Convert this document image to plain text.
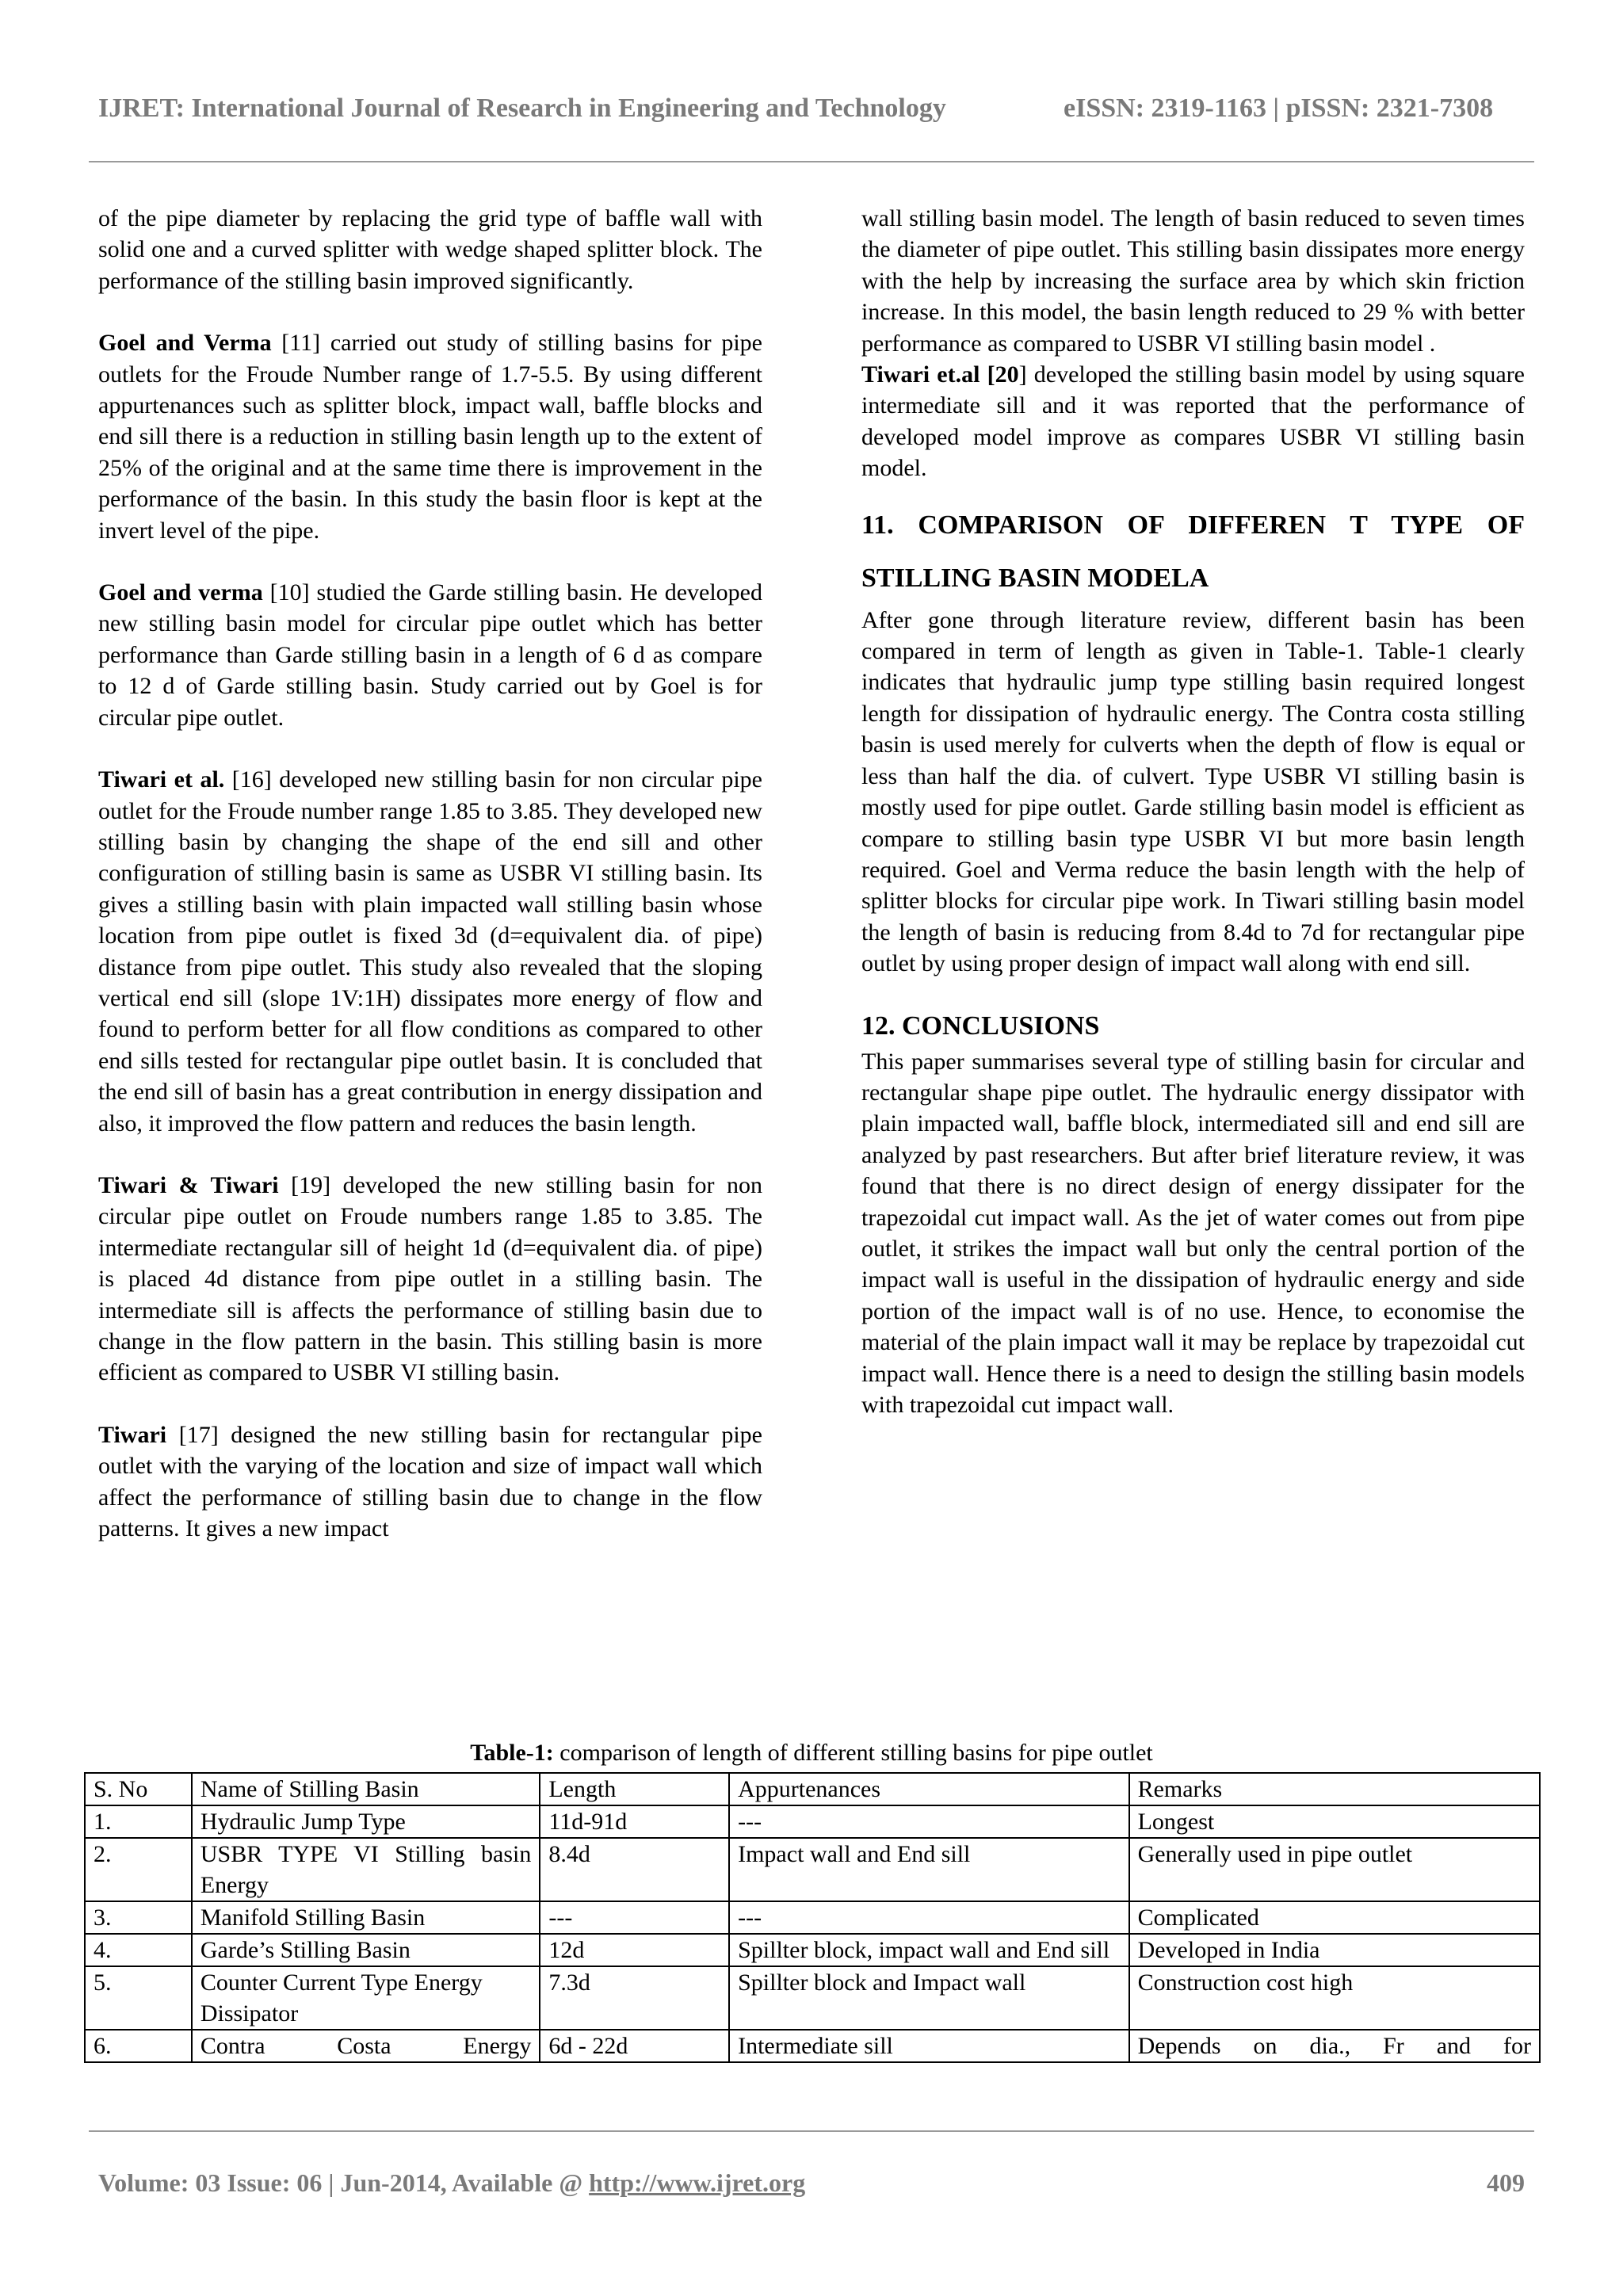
IJRET: International Journal of Research in Engineering and Technology	eISSN: 2319-1163 | pISSN: 2321-7308

of the pipe diameter by replacing the grid type of baffle wall with solid one and a curved splitter with wedge shaped splitter block. The performance of the stilling basin improved significantly.

Goel and Verma [11] carried out study of stilling basins for pipe outlets for the Froude Number range of 1.7-5.5. By using different appurtenances such as splitter block, impact wall, baffle blocks and end sill there is a reduction in stilling basin length up to the extent of 25% of the original and at the same time there is improvement in the performance of the basin. In this study the basin floor is kept at the invert level of the pipe.

Goel and verma [10] studied the Garde stilling basin. He developed new stilling basin model for circular pipe outlet which has better performance than Garde stilling basin in a length of 6 d as compare to 12 d of Garde stilling basin. Study carried out by Goel is for circular pipe outlet.

Tiwari et al. [16] developed new stilling basin for non circular pipe outlet for the Froude number range 1.85 to 3.85. They developed new stilling basin by changing the shape of the end sill and other configuration of stilling basin is same as USBR VI stilling basin. Its gives a stilling basin with plain impacted wall stilling basin whose location from pipe outlet is fixed 3d (d=equivalent dia. of pipe) distance from pipe outlet. This study also revealed that the sloping vertical end sill (slope 1V:1H) dissipates more energy of flow and found to perform better for all flow conditions as compared to other end sills tested for rectangular pipe outlet basin. It is concluded that the end sill of basin has a great contribution in energy dissipation and also, it improved the flow pattern and reduces the basin length.

Tiwari & Tiwari [19] developed the new stilling basin for non circular pipe outlet on Froude numbers range 1.85 to 3.85. The intermediate rectangular sill of height 1d (d=equivalent dia. of pipe) is placed 4d distance from pipe outlet in a stilling basin. The intermediate sill is affects the performance of stilling basin due to change in the flow pattern in the basin. This stilling basin is more efficient as compared to USBR VI stilling basin.

Tiwari [17] designed the new stilling basin for rectangular pipe outlet with the varying of the location and size of impact wall which affect the performance of stilling basin due to change in the flow patterns. It gives a new impact

wall stilling basin model. The length of basin reduced to seven times the diameter of pipe outlet. This stilling basin dissipates more energy with the help by increasing the surface area by which skin friction increase. In this model, the basin length reduced to 29 % with better performance as compared to USBR VI stilling basin model .

Tiwari et.al [20] developed the stilling basin model by using square intermediate sill and it was reported that the performance of developed model improve as compares USBR VI stilling basin model.

11. COMPARISON OF DIFFEREN T TYPE OF

STILLING BASIN MODELA

After gone through literature review, different basin has been compared in term of length as given in Table-1. Table-1 clearly indicates that hydraulic jump type stilling basin required longest length for dissipation of hydraulic energy. The Contra costa stilling basin is used merely for culverts when the depth of flow is equal or less than half the dia. of culvert. Type USBR VI stilling basin is mostly used for pipe outlet. Garde stilling basin model is efficient as compare to stilling basin type USBR VI but more basin length required. Goel and Verma reduce the basin length with the help of splitter blocks for circular pipe work. In Tiwari stilling basin model the length of basin is reducing from 8.4d to 7d for rectangular pipe outlet by using proper design of impact wall along with end sill.

12. CONCLUSIONS

This paper summarises several type of stilling basin for circular and rectangular shape pipe outlet. The hydraulic energy dissipator with plain impacted wall, baffle block, intermediated sill and end sill are analyzed by past researchers. But after brief literature review, it was found that there is no direct design of energy dissipater for the trapezoidal cut impact wall. As the jet of water comes out from pipe outlet, it strikes the impact wall but only the central portion of the impact wall is useful in the dissipation of hydraulic energy and side portion of the impact wall is of no use. Hence, to economise the material of the plain impact wall it may be replace by trapezoidal cut impact wall. Hence there is a need to design the stilling basin models with trapezoidal cut impact wall.

Table-1: comparison of length of different stilling basins for pipe outlet
S. No	Name of Stilling Basin	Length	Appurtenances	Remarks
1.	Hydraulic Jump Type	11d-91d	---	Longest
2.	USBR TYPE VI Stilling basin Energy	8.4d	Impact wall and End sill	Generally used in pipe outlet
3.	Manifold Stilling Basin	---	---	Complicated
4.	Garde’s Stilling Basin	12d	Spillter block, impact wall and End sill	Developed in India
5.	Counter Current Type Energy Dissipator	7.3d	Spillter block and Impact wall	Construction cost high
6.	Contra Costa Energy	6d - 22d	Intermediate sill	Depends on dia., Fr and for
Volume: 03 Issue: 06 | Jun-2014, Available @ http://www.ijret.org	409
